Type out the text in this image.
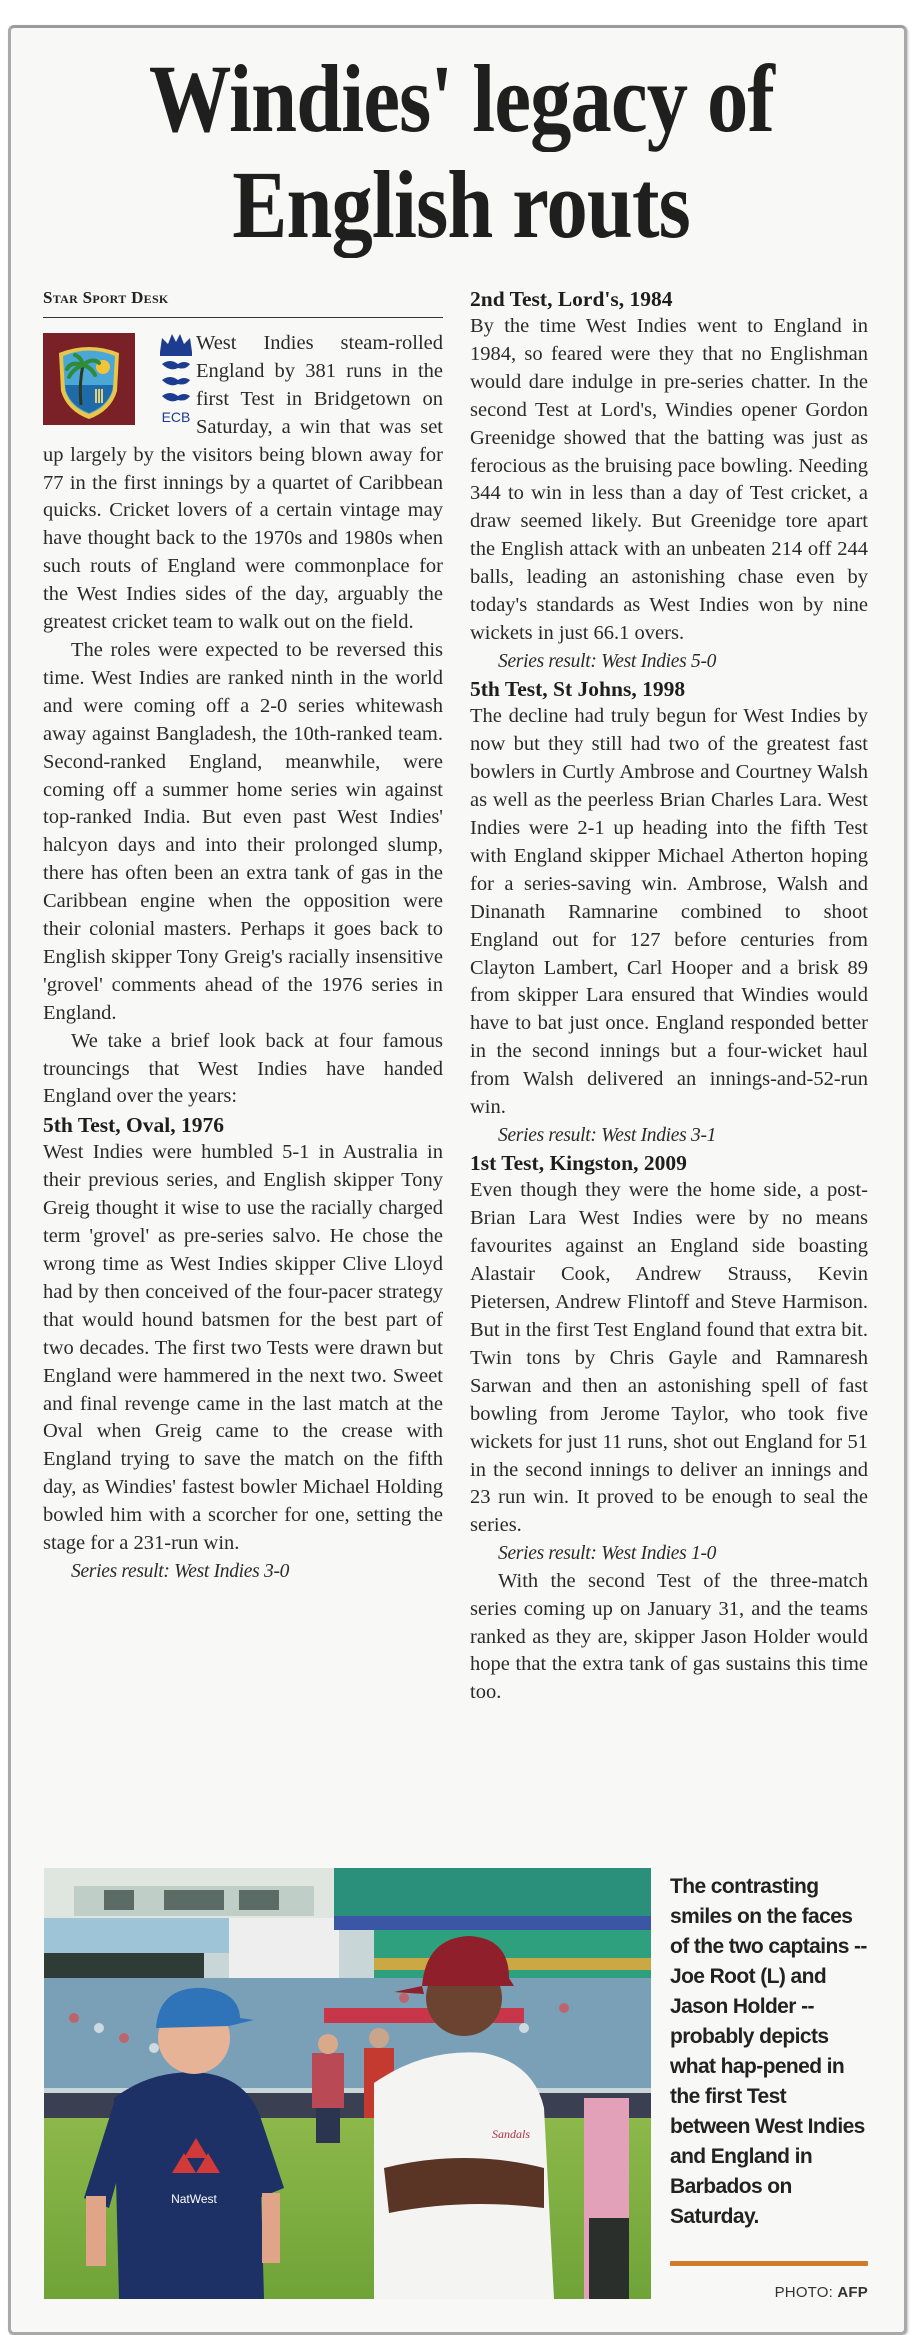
Windies' legacy of
English routs
Star Sport Desk
ECB

West Indies steam-rolled England by 381 runs in the first Test in Bridgetown on Saturday, a win that was set up largely by the visitors being blown away for 77 in the first innings by a quartet of Caribbean quicks. Cricket lovers of a certain vintage may have thought back to the 1970s and 1980s when such routs of England were commonplace for the West Indies sides of the day, arguably the greatest cricket team to walk out on the field.

The roles were expected to be reversed this time. West Indies are ranked ninth in the world and were coming off a 2-0 series whitewash away against Bangladesh, the 10th-ranked team. Second-ranked England, meanwhile, were coming off a summer home series win against top-ranked India. But even past West Indies' halcyon days and into their prolonged slump, there has often been an extra tank of gas in the Caribbean engine when the opposition were their colonial masters. Perhaps it goes back to English skipper Tony Greig's racially insensitive 'grovel' comments ahead of the 1976 series in England.

We take a brief look back at four famous trouncings that West Indies have handed England over the years:

5th Test, Oval, 1976

West Indies were humbled 5-1 in Australia in their previous series, and English skipper Tony Greig thought it wise to use the racially charged term 'grovel' as pre-series salvo. He chose the wrong time as West Indies skipper Clive Lloyd had by then conceived of the four-pacer strategy that would hound batsmen for the best part of two decades. The first two Tests were drawn but England were hammered in the next two. Sweet and final revenge came in the last match at the Oval when Greig came to the crease with England trying to save the match on the fifth day, as Windies' fastest bowler Michael Holding bowled him with a scorcher for one, setting the stage for a 231-run win.

Series result: West Indies 3-0
2nd Test, Lord's, 1984

By the time West Indies went to England in 1984, so feared were they that no Englishman would dare indulge in pre-series chatter. In the second Test at Lord's, Windies opener Gordon Greenidge showed that the batting was just as ferocious as the bruising pace bowling. Needing 344 to win in less than a day of Test cricket, a draw seemed likely. But Greenidge tore apart the English attack with an unbeaten 214 off 244 balls, leading an astonishing chase even by today's standards as West Indies won by nine wickets in just 66.1 overs.

Series result: West Indies 5-0
5th Test, St Johns, 1998

The decline had truly begun for West Indies by now but they still had two of the greatest fast bowlers in Curtly Ambrose and Courtney Walsh as well as the peerless Brian Charles Lara. West Indies were 2-1 up heading into the fifth Test with England skipper Michael Atherton hoping for a series-saving win. Ambrose, Walsh and Dinanath Ramnarine combined to shoot England out for 127 before centuries from Clayton Lambert, Carl Hooper and a brisk 89 from skipper Lara ensured that Windies would have to bat just once. England responded better in the second innings but a four-wicket haul from Walsh delivered an innings-and-52-run win.

Series result: West Indies 3-1
1st Test, Kingston, 2009

Even though they were the home side, a post-Brian Lara West Indies were by no means favourites against an England side boasting Alastair Cook, Andrew Strauss, Kevin Pietersen, Andrew Flintoff and Steve Harmison. But in the first Test England found that extra bit. Twin tons by Chris Gayle and Ramnaresh Sarwan and then an astonishing spell of fast bowling from Jerome Taylor, who took five wickets for just 11 runs, shot out England for 51 in the second innings to deliver an innings and 23 run win. It proved to be enough to seal the series.

Series result: West Indies 1-0

With the second Test of the three-match series coming up on January 31, and the teams ranked as they are, skipper Jason Holder would hope that the extra tank of gas sustains this time too.

NatWest
Sandals
The contrasting smiles on the faces of the two captains -- Joe Root (L) and Jason Holder -- probably depicts what hap-pened in the first Test between West Indies and England in Barbados on Saturday.
PHOTO: AFP
